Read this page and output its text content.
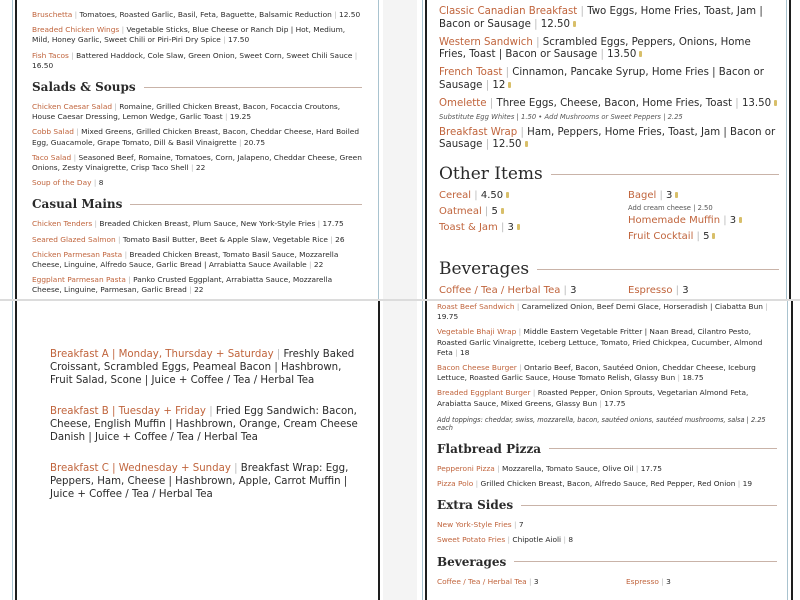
Bruschetta | Tomatoes, Roasted Garlic, Basil, Feta, Baguette, Balsamic Reduction | 12.50
Breaded Chicken Wings | Vegetable Sticks, Blue Cheese or Ranch Dip | Hot, Medium, Mild, Honey Garlic, Sweet Chili or Piri-Piri Dry Spice | 17.50
Fish Tacos | Battered Haddock, Cole Slaw, Green Onion, Sweet Corn, Sweet Chili Sauce | 16.50
Salads & Soups
Chicken Caesar Salad | Romaine, Grilled Chicken Breast, Bacon, Focaccia Croutons, House Caesar Dressing, Lemon Wedge, Garlic Toast | 19.25
Cobb Salad | Mixed Greens, Grilled Chicken Breast, Bacon, Cheddar Cheese, Hard Boiled Egg, Guacamole, Grape Tomato, Dill & Basil Vinaigrette | 20.75
Taco Salad | Seasoned Beef, Romaine, Tomatoes, Corn, Jalapeno, Cheddar Cheese, Green Onions, Zesty Vinaigrette, Crisp Taco Shell | 22
Soup of the Day | 8
Casual Mains
Chicken Tenders | Breaded Chicken Breast, Plum Sauce, New York-Style Fries | 17.75
Seared Glazed Salmon | Tomato Basil Butter, Beet & Apple Slaw, Vegetable Rice | 26
Chicken Parmesan Pasta | Breaded Chicken Breast, Tomato Basil Sauce, Mozzarella Cheese, Linguine, Alfredo Sauce, Garlic Bread | Arrabiatta Sauce Available | 22
Eggplant Parmesan Pasta | Panko Crusted Eggplant, Arrabiatta Sauce, Mozzarella Cheese, Linguine, Parmesan, Garlic Bread | 22
Classic Canadian Breakfast | Two Eggs, Home Fries, Toast, Jam | Bacon or Sausage | 12.50
Western Sandwich | Scrambled Eggs, Peppers, Onions, Home Fries, Toast | Bacon or Sausage | 13.50
French Toast | Cinnamon, Pancake Syrup, Home Fries | Bacon or Sausage | 12
Omelette | Three Eggs, Cheese, Bacon, Home Fries, Toast | 13.50
Substitute Egg Whites | 1.50 • Add Mushrooms or Sweet Peppers | 2.25
Breakfast Wrap | Ham, Peppers, Home Fries, Toast, Jam | Bacon or Sausage | 12.50
Other Items
Cereal | 4.50
Oatmeal | 5
Toast & Jam | 3
Bagel | 3
Add cream cheese | 2.50
Homemade Muffin | 3
Fruit Cocktail | 5
Beverages
Coffee / Tea / Herbal Tea | 3	Espresso | 3
Breakfast A | Monday, Thursday + Saturday | Freshly Baked Croissant, Scrambled Eggs, Peameal Bacon | Hashbrown, Fruit Salad, Scone | Juice + Coffee / Tea / Herbal Tea
Breakfast B | Tuesday + Friday | Fried Egg Sandwich: Bacon, Cheese, English Muffin | Hashbrown, Orange, Cream Cheese Danish | Juice + Coffee / Tea / Herbal Tea
Breakfast C | Wednesday + Sunday | Breakfast Wrap: Egg, Peppers, Ham, Cheese | Hashbrown, Apple, Carrot Muffin | Juice + Coffee / Tea / Herbal Tea
Roast Beef Sandwich | Caramelized Onion, Beef Demi Glace, Horseradish | Ciabatta Bun | 19.75
Vegetable Bhaji Wrap | Middle Eastern Vegetable Fritter | Naan Bread, Cilantro Pesto, Roasted Garlic Vinaigrette, Iceberg Lettuce, Tomato, Fried Chickpea, Cucumber, Almond Feta | 18
Bacon Cheese Burger | Ontario Beef, Bacon, Sautéed Onion, Cheddar Cheese, Iceburg Lettuce, Roasted Garlic Sauce, House Tomato Relish, Glassy Bun | 18.75
Breaded Eggplant Burger | Roasted Pepper, Onion Sprouts, Vegetarian Almond Feta, Arabiatta Sauce, Mixed Greens, Glassy Bun | 17.75
Add toppings: cheddar, swiss, mozzarella, bacon, sautéed onions, sautéed mushrooms, salsa | 2.25 each
Flatbread Pizza
Pepperoni Pizza | Mozzarella, Tomato Sauce, Olive Oil | 17.75
Pizza Polo | Grilled Chicken Breast, Bacon, Alfredo Sauce, Red Pepper, Red Onion | 19
Extra Sides
New York-Style Fries | 7
Sweet Potato Fries | Chipotle Aioli | 8
Beverages
Coffee / Tea / Herbal Tea | 3	Espresso | 3
